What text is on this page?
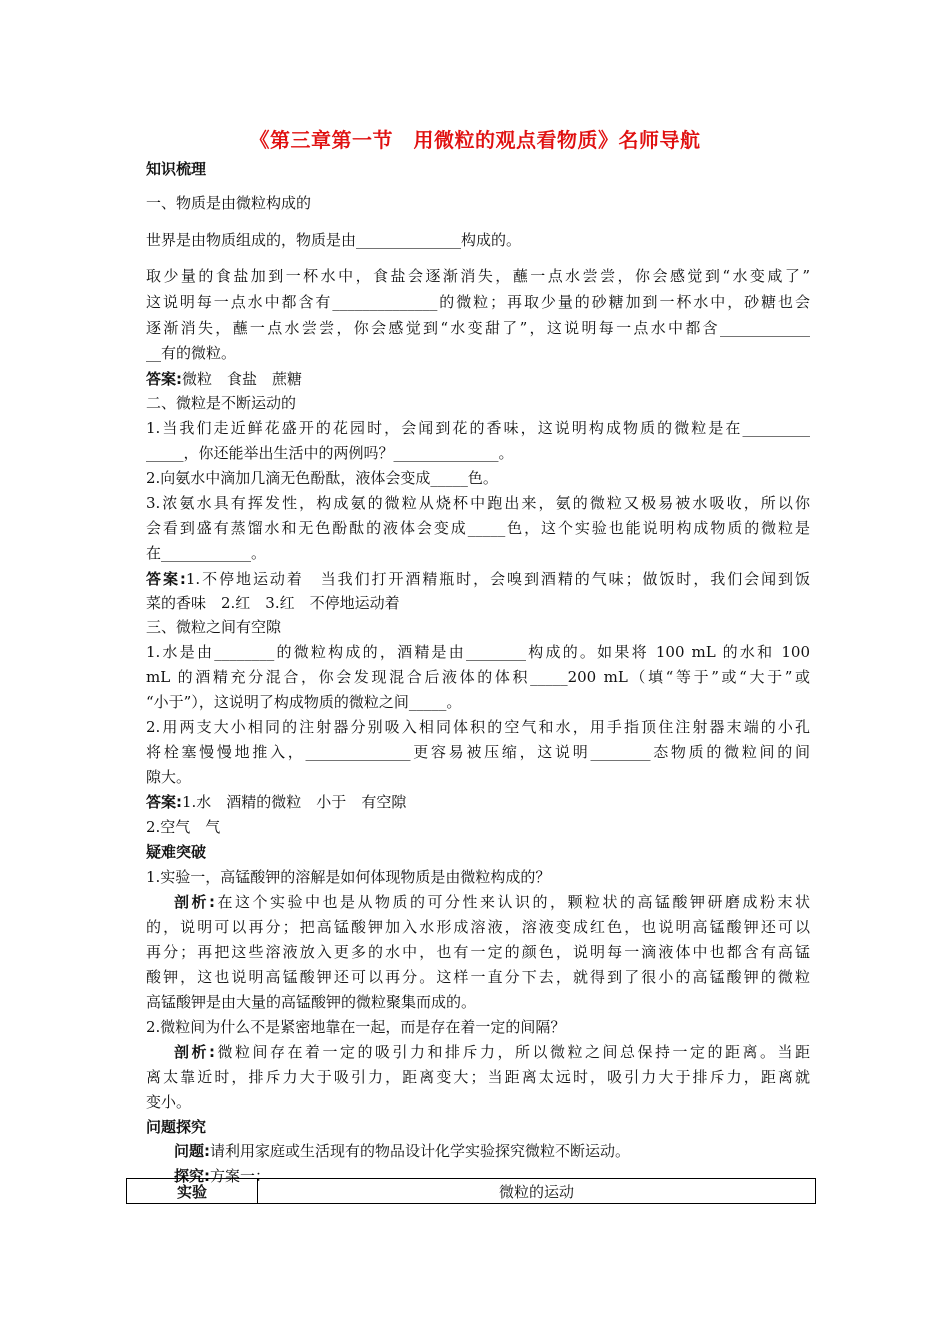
《第三章第一节　用微粒的观点看物质》名师导航
知识梳理
一、物质是由微粒构成的
世界是由物质组成的，物质是由______________构成的。
取少量的食盐加到一杯水中，食盐会逐渐消失，蘸一点水尝尝，你会感觉到“水变咸了”
这说明每一点水中都含有______________的微粒；再取少量的砂糖加到一杯水中，砂糖也会
逐渐消失，蘸一点水尝尝，你会感觉到“水变甜了”，这说明每一点水中都含____________
__有的微粒。
答案:微粒　食盐　蔗糖
二、微粒是不断运动的
1.当我们走近鲜花盛开的花园时，会闻到花的香味，这说明构成物质的微粒是在_________
_____，你还能举出生活中的两例吗？______________。
2.向氨水中滴加几滴无色酚酞，液体会变成_____色。
3.浓氨水具有挥发性，构成氨的微粒从烧杯中跑出来，氨的微粒又极易被水吸收，所以你
会看到盛有蒸馏水和无色酚酞的液体会变成_____色，这个实验也能说明构成物质的微粒是
在____________。
答案:1.不停地运动着　当我们打开酒精瓶时，会嗅到酒精的气味；做饭时，我们会闻到饭
菜的香味　2.红　3.红　不停地运动着
三、微粒之间有空隙
1.水是由________的微粒构成的，酒精是由________构成的。如果将 100 mL 的水和 100
mL 的酒精充分混合，你会发现混合后液体的体积_____200 mL（填“等于”或“大于”或
“小于”），这说明了构成物质的微粒之间_____。
2.用两支大小相同的注射器分别吸入相同体积的空气和水，用手指顶住注射器末端的小孔
将栓塞慢慢地推入，______________更容易被压缩，这说明________态物质的微粒间的间
隙大。
答案:1.水　酒精的微粒　小于　有空隙
2.空气　气
疑难突破
1.实验一，高锰酸钾的溶解是如何体现物质是由微粒构成的？
剖析:在这个实验中也是从物质的可分性来认识的，颗粒状的高锰酸钾研磨成粉末状
的，说明可以再分；把高锰酸钾加入水形成溶液，溶液变成红色，也说明高锰酸钾还可以
再分；再把这些溶液放入更多的水中，也有一定的颜色，说明每一滴液体中也都含有高锰
酸钾，这也说明高锰酸钾还可以再分。这样一直分下去，就得到了很小的高锰酸钾的微粒
高锰酸钾是由大量的高锰酸钾的微粒聚集而成的。
2.微粒间为什么不是紧密地靠在一起，而是存在着一定的间隔？
剖析:微粒间存在着一定的吸引力和排斥力，所以微粒之间总保持一定的距离。当距
离太靠近时，排斥力大于吸引力，距离变大；当距离太远时，吸引力大于排斥力，距离就
变小。
问题探究
问题:请利用家庭或生活现有的物品设计化学实验探究微粒不断运动。
探究:方案一：
实验	微粒的运动
